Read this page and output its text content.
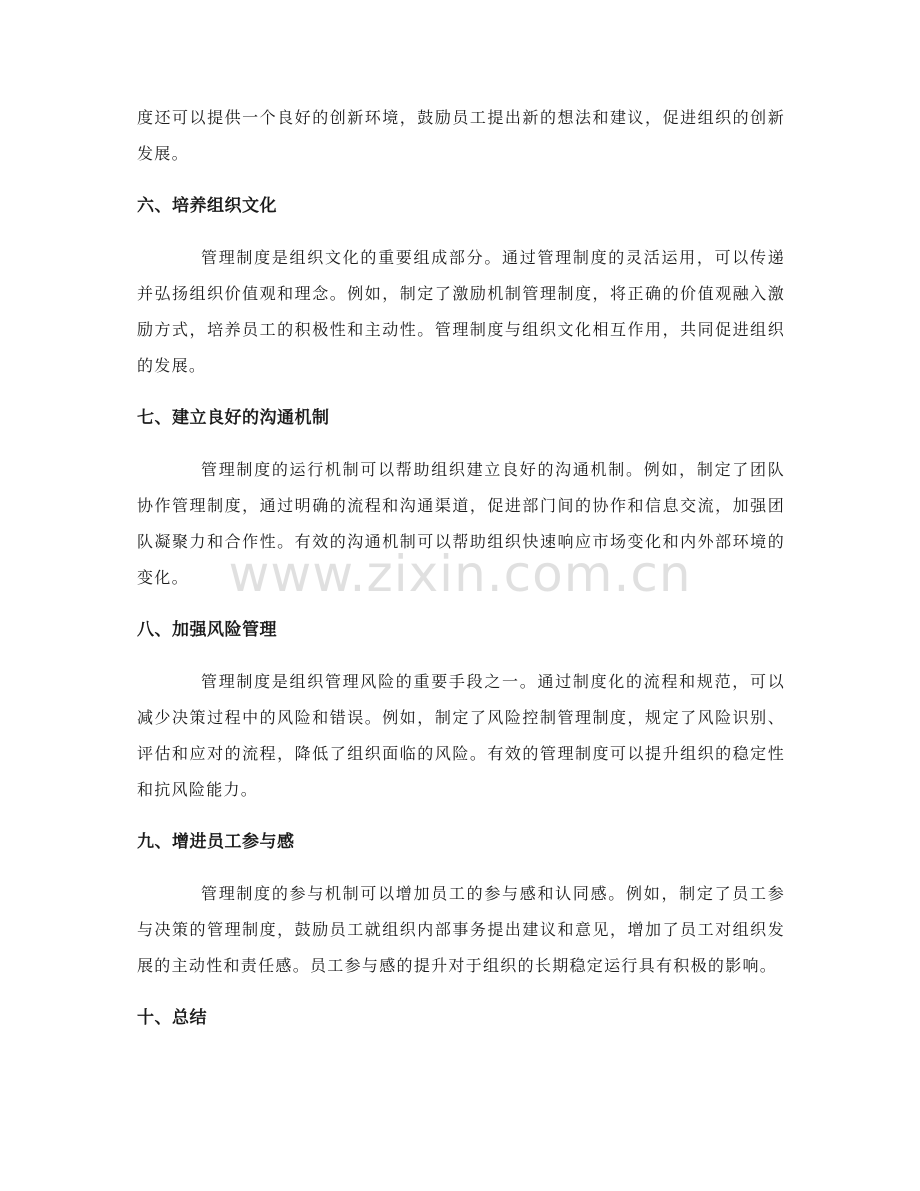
度还可以提供一个良好的创新环境，鼓励员工提出新的想法和建议，促进组织的创新发展。

六、培养组织文化

管理制度是组织文化的重要组成部分。通过管理制度的灵活运用，可以传递并弘扬组织价值观和理念。例如，制定了激励机制管理制度，将正确的价值观融入激励方式，培养员工的积极性和主动性。管理制度与组织文化相互作用，共同促进组织的发展。

七、建立良好的沟通机制

管理制度的运行机制可以帮助组织建立良好的沟通机制。例如，制定了团队协作管理制度，通过明确的流程和沟通渠道，促进部门间的协作和信息交流，加强团队凝聚力和合作性。有效的沟通机制可以帮助组织快速响应市场变化和内外部环境的变化。

八、加强风险管理

管理制度是组织管理风险的重要手段之一。通过制度化的流程和规范，可以减少决策过程中的风险和错误。例如，制定了风险控制管理制度，规定了风险识别、评估和应对的流程，降低了组织面临的风险。有效的管理制度可以提升组织的稳定性和抗风险能力。

九、增进员工参与感

管理制度的参与机制可以增加员工的参与感和认同感。例如，制定了员工参与决策的管理制度，鼓励员工就组织内部事务提出建议和意见，增加了员工对组织发展的主动性和责任感。员工参与感的提升对于组织的长期稳定运行具有积极的影响。

十、总结
www.zixin.com.cn
